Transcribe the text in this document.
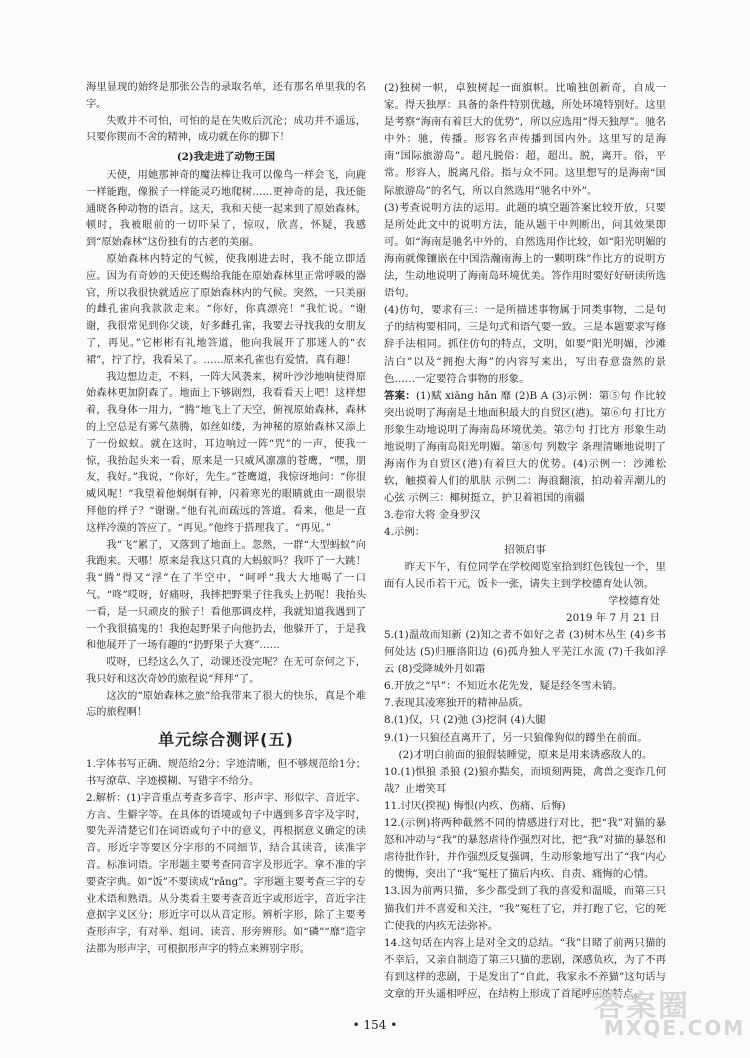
海里显现的始终是那张公告的录取名单，还有那名单里我的名字。

失败并不可怕，可怕的是在失败后沉沦；成功并不遥远，只要你锲而不舍的精神，成功就在你的脚下！

(2)我走进了动物王国

天使，用她那神奇的魔法棒让我可以像鸟一样会飞，向鹿一样能跑，像猴子一样能灵巧地爬树……更神奇的是，我还能通晓各种动物的语言。这天，我和天使一起来到了原始森林。顿时，我被眼前的一切吓呆了，惊叹，欣喜，怀疑，我感到“原始森林”这份独有的古老的美丽。

原始森林内特定的气候，使我刚进去时，我不能立即适应。因为有奇妙的天使还赐给我能在原始森林里正常呼吸的器官，所以我很快就适应了原始森林内的气候。突然，一只美丽的雌孔雀向我款款走来。“你好，你真漂亮！”我忙说。“谢谢，我很常见到你父谈，好多雌孔雀，我要去寻找我的女朋友了，再见。”它彬彬有礼地答道，他向我展开了那迷人的“衣裙”，拧了拧，我看呆了。……原来孔雀也有爱情，真有趣！

我边想边走，不料，一阵大风袭来，树叶沙沙地响使得原始森林更加阴森了。地面上下够剧烈，我看看天上吧！这样想着，我身体一用力，“腾”地飞上了天空，俯视原始森林，森林的上空总是有雾气蒸腾，如丝如缕，为神秘的原始森林又添上了一份蚁蚁。就在这时，耳边响过一阵“咒”的一声，使我一惊，我抬起头来一看，原来是一只威风凛凛的苍鹰，“嘿，朋友，我好。”我说，“你好，先生。”苍鹰道，我惊讶地问：“你很威风呢！”我望着他炯炯有神，闪着寒光的眼睛就由一副很崇拜他的样子？“谢谢。”他有礼而疏远的答道。看来，他是一直这样冷漠的答应了。“再见。”他终于搭理我了。“再见。”

我“飞”累了，又落到了地面上。忽然，一群“大型蚂蚁”向我跑来。天哪！原来是我这只真的大蚂蚁吗？我吓了一大跳！我“腾”得又“浮”在了半空中，“呵呼”我大大地喝了一口气。“咚”哎呀，好痛呀，我摔把野果子往我头上扔呢！我抬头一看，是一只顽皮的猴子！看他那调皮样，我就知道我遇到了一个我很搞鬼的！我抱起野果子向他扔去，他躲开了，于是我和他展开了一场有趣的“扔野果子大赛”……

哎呀，已经这么久了，动课还没完呢？在无可奈何之下，我只好和这次奇妙的旅程说“拜拜”了。

这次的“原始森林之旅”给我带来了很大的快乐，真是个难忘的旅程啊！

单元综合测评(五)

1.字体书写正确、规范给2分；字迹清晰，但不够规范给1分；书写潦草、字迹模糊、写错字不给分。

2.解析：(1)字音重点考查多音字、形声字、形似字、音近字、方言、生僻字等。在具体的语境或句子中遇到多音字及字时，要先弄清楚它们在词语或句子中的意义，再根据意义确定的读音。形近字等要区分字形的不同细节，结合其读音，读准字音。标准词语。字形题主要考查同音字及形近字。拿不准的字要查字典。如“饭”不要读成“rǎng”。字形题主要考查三字的专业术语和熟语。从分类看主要考查音近字或形近字，音近字注意据字义区分；形近字可以从音定形。辨析字形，除了主要考查形声字，有对举、组词、读音、形旁辨形。如“磷”“靡”造字法都为形声字，可根据形声字的特点来辨别字形。

(2)独树一帜，卓独树起一面旗帜。比喻独创新奇，自成一家。得天独厚：具备的条件特别优越，所处环境特别好。这里是考察“海南有着巨大的优势”，所以应选用“得天独厚”。驰名中外：驰，传播。形容名声传播到国内外。这里写的是海南“国际旅游岛”。超凡脱俗：超，超出。脱，离开。俗，平常。形容人，脱离凡俗。指与众不同。这里想写的是海南“国际旅游岛”的名气，所以自然选用“驰名中外”。

(3)考查说明方法的运用。此题的填空题答案比较开放，只要是所处此文中的说明方法，能从题干中判断出，问其效果即可。如“海南是驰名中外的，自然选用作比较，如“阳光明媚的海南就像镶嵌在中国浩瀚南海上的一颗明珠”作比方的说明方法，生动地说明了海南岛环境优美。答作用时要好好研读所选语句。

(4)仿句，要求有三：一是所描述事物属于同类事物，二是句子的结构要相同，三是句式和语气要一致。三是本题要求写修辞手法相同。抓住仿句的特点，文明，如要“阳光明媚，沙滩洁白”以及“拥抱大海”的内容写来出，写出春意盎然的景色……一定要符合事物的形象。

答案：(1)赋 xiāng hǎn 靡 (2)B A (3)示例：第⑤句 作比较 突出说明了海南是土地面积最大的自贸区(港)。第⑥句 打比方 形象生动地说明了海南岛环境优美。第⑦句 打比方 形象生动地说明了海南岛阳光明媚。第⑧句 列数字 条理清晰地说明了海南作为自贸区(港)有着巨大的优势。(4)示例一：沙滩松软，触摸着人们的肌肤 示例二：海浪翻滚，拍动着弄潮儿的心弦 示例三：椰树挺立，护卫着祖国的南疆

3.卷帘大将 金身罗汉

4.示例：

招领启事

昨天下午，有位同学在学校阅览室拾到红色钱包一个，里面有人民币若干元，饭卡一张，请失主到学校德育处认领。

学校德育处

2019 年 7 月 21 日

5.(1)温故而知新 (2)知之者不如好之者 (3)树木丛生 (4)乡书何处达 (5)归雁洛阳边 (6)孤舟独人平芜江水流 (7)千我如浮云 (8)受降城外月如霜

6.开放之“早”：不知近水花先发，疑是经冬雪未销。

7.表现其凌寒独开的精神品质。

8.(1)仅，只 (2)弛 (3)挖洞 (4)大腿

9.(1)一只狼径直离开了，另一只狼像狗似的蹲坐在前面。

(2)才明白前面的狼假装睡觉，原来是用来诱惑敌人的。

10.(1)惧狼 杀狼 (2)狼亦黠矣，而顷刻两毙，禽兽之变诈几何哉？止增笑耳

11.讨厌(揆视) 悔恨(内疚、伤痛、后悔)

12.(示例)将两种截然不同的情感进行对比，把“我”对猫的暴怒和冲动与“我”的暴怒虐待作强烈对比，把“我”对猫的暴怒和虐待批作针，并作强烈反复强调，生动形象地写出了“我”内心的懊悔，突出了“我”冤枉了猫后内疚、自责、痛悔的心情。

13.因为前两只猫，多少都受到了我的喜爱和温暖，而第三只猫我们并不喜爱和关注，“我”冤枉了它，并打跑了它，它的死亡使我的内疚无法弥补。

14.这句话在内容上是对全文的总结。“我”目睹了前两只猫的不幸后，又亲自制造了第三只猫的悲剧，深感负疚，为了不再有到这样的悲剧，于是发出了“自此，我家永不养猫”这句话与文章的开头遥相呼应，在结构上形成了首尾呼应的特点。

• 154 •
答案圈
MXQE.COM
